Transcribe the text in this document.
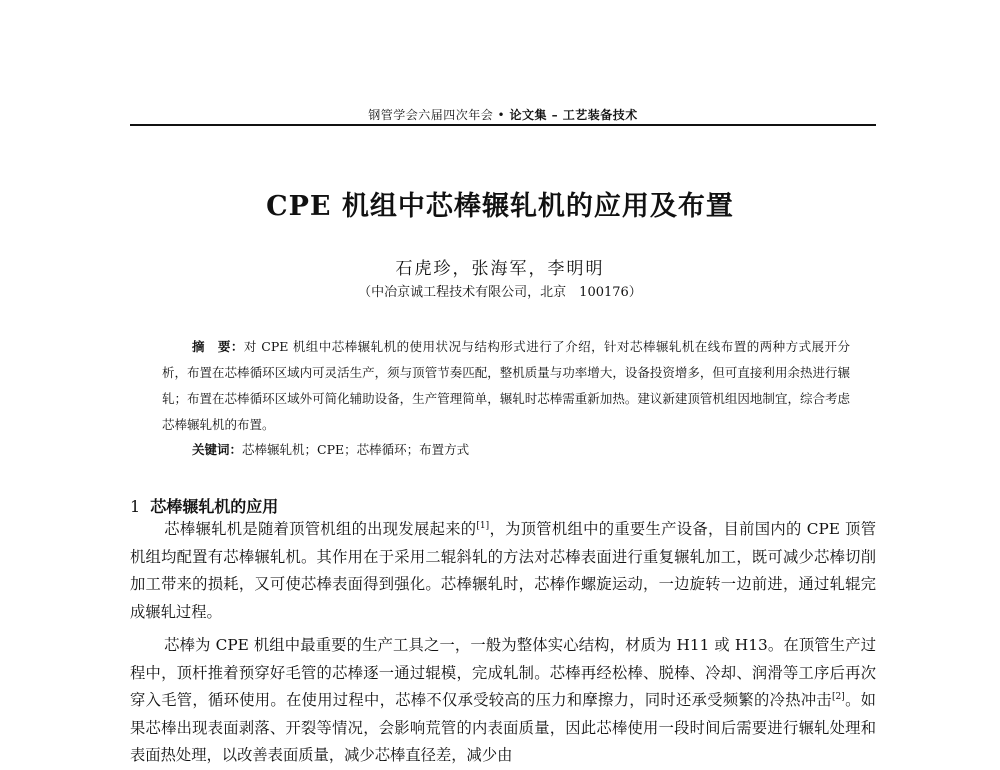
钢管学会六届四次年会 • 论文集 – 工艺装备技术
CPE 机组中芯棒辗轧机的应用及布置
石虎珍，张海军，李明明
（中冶京诚工程技术有限公司，北京　100176）
摘　要：对 CPE 机组中芯棒辗轧机的使用状况与结构形式进行了介绍，针对芯棒辗轧机在线布置的两种方式展开分析，布置在芯棒循环区域内可灵活生产，须与顶管节奏匹配，整机质量与功率增大，设备投资增多，但可直接利用余热进行辗轧；布置在芯棒循环区域外可简化辅助设备，生产管理简单，辗轧时芯棒需重新加热。建议新建顶管机组因地制宜，综合考虑芯棒辗轧机的布置。
关键词：芯棒辗轧机；CPE；芯棒循环；布置方式
1 芯棒辗轧机的应用

芯棒辗轧机是随着顶管机组的出现发展起来的[1]，为顶管机组中的重要生产设备，目前国内的 CPE 顶管机组均配置有芯棒辗轧机。其作用在于采用二辊斜轧的方法对芯棒表面进行重复辗轧加工，既可减少芯棒切削加工带来的损耗，又可使芯棒表面得到强化。芯棒辗轧时，芯棒作螺旋运动，一边旋转一边前进，通过轧辊完成辗轧过程。

芯棒为 CPE 机组中最重要的生产工具之一，一般为整体实心结构，材质为 H11 或 H13。在顶管生产过程中，顶杆推着预穿好毛管的芯棒逐一通过辊模，完成轧制。芯棒再经松棒、脱棒、冷却、润滑等工序后再次穿入毛管，循环使用。在使用过程中，芯棒不仅承受较高的压力和摩擦力，同时还承受频繁的冷热冲击[2]。如果芯棒出现表面剥落、开裂等情况，会影响荒管的内表面质量，因此芯棒使用一段时间后需要进行辗轧处理和表面热处理，以改善表面质量，减少芯棒直径差，减少由
